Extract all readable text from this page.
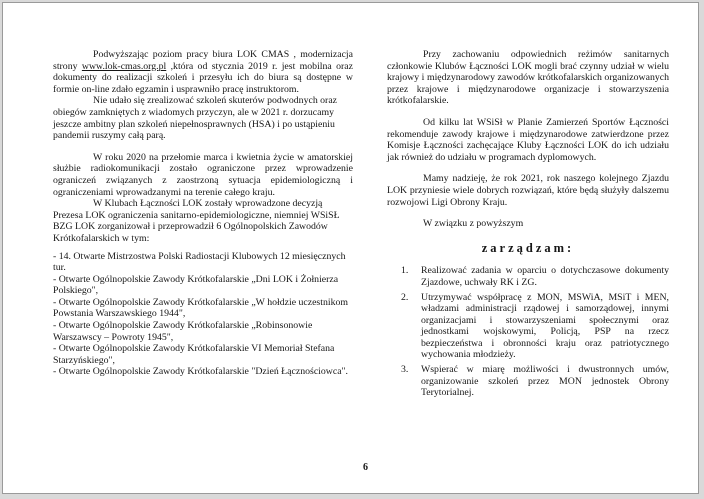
Podwyższając poziom pracy biura LOK CMAS , modernizacja strony www.lok-cmas.org.pl ,która od stycznia 2019 r. jest mobilna oraz dokumenty do realizacji szkoleń i przesyłu ich do biura są dostępne w formie on-line zdało egzamin i usprawniło pracę instruktorom.

Nie udało się zrealizować szkoleń skuterów podwodnych oraz obiegów zamkniętych z wiadomych przyczyn, ale w 2021 r. dorzucamy jeszcze ambitny plan szkoleń niepełnosprawnych (HSA) i po ustąpieniu pandemii ruszymy całą parą.

W roku 2020 na przełomie marca i kwietnia życie w amatorskiej służbie radiokomunikacji zostało ograniczone przez wprowadzenie ograniczeń związanych z zaostrzoną sytuacja epidemiologiczną i ograniczeniami wprowadzanymi na terenie całego kraju.

W Klubach Łączności LOK zostały wprowadzone decyzją Prezesa LOK ograniczenia sanitarno-epidemiologiczne, niemniej WSiSŁ BZG LOK zorganizował i przeprowadził 6 Ogólnopolskich Zawodów Krótkofalarskich w tym:

- 14. Otwarte Mistrzostwa Polski Radiostacji Klubowych 12 miesięcznych tur.
- Otwarte Ogólnopolskie Zawody Krótkofalarskie „Dni LOK i Żołnierza Polskiego",
- Otwarte Ogólnopolskie Zawody Krótkofalarskie „W hołdzie uczestnikom Powstania Warszawskiego 1944",
- Otwarte Ogólnopolskie Zawody Krótkofalarskie „Robinsonowie Warszawscy – Powroty 1945",
- Otwarte Ogólnopolskie Zawody Krótkofalarskie VI Memoriał Stefana Starzyńskiego",
- Otwarte Ogólnopolskie Zawody Krótkofalarskie "Dzień Łącznościowca".

Przy zachowaniu odpowiednich reżimów sanitarnych członkowie Klubów Łączności LOK mogli brać czynny udział w wielu krajowy i międzynarodowy zawodów krótkofalarskich organizowanych przez krajowe i międzynarodowe organizacje i stowarzyszenia krótkofalarskie.

Od kilku lat WSiSł w Planie Zamierzeń Sportów Łączności rekomenduje zawody krajowe i międzynarodowe zatwierdzone przez Komisje Łączności zachęcające Kluby Łączności LOK do ich udziału jak również do udziału w programach dyplomowych.

Mamy nadzieję, że rok 2021, rok naszego kolejnego Zjazdu LOK przyniesie wiele dobrych rozwiązań, które będą służyły dalszemu rozwojowi Ligi Obrony Kraju.

W związku z powyższym

zarządzam:
1. Realizować zadania w oparciu o dotychczasowe dokumenty Zjazdowe, uchwały RK i ZG.
2. Utrzymywać współpracę z MON, MSWiA, MSiT i MEN, władzami administracji rządowej i samorządowej, innymi organizacjami i stowarzyszeniami społecznymi oraz jednostkami wojskowymi, Policją, PSP na rzecz bezpieczeństwa i obronności kraju oraz patriotycznego wychowania młodzieży.
3. Wspierać w miarę możliwości i dwustronnych umów, organizowanie szkoleń przez MON jednostek Obrony Terytorialnej.
6
